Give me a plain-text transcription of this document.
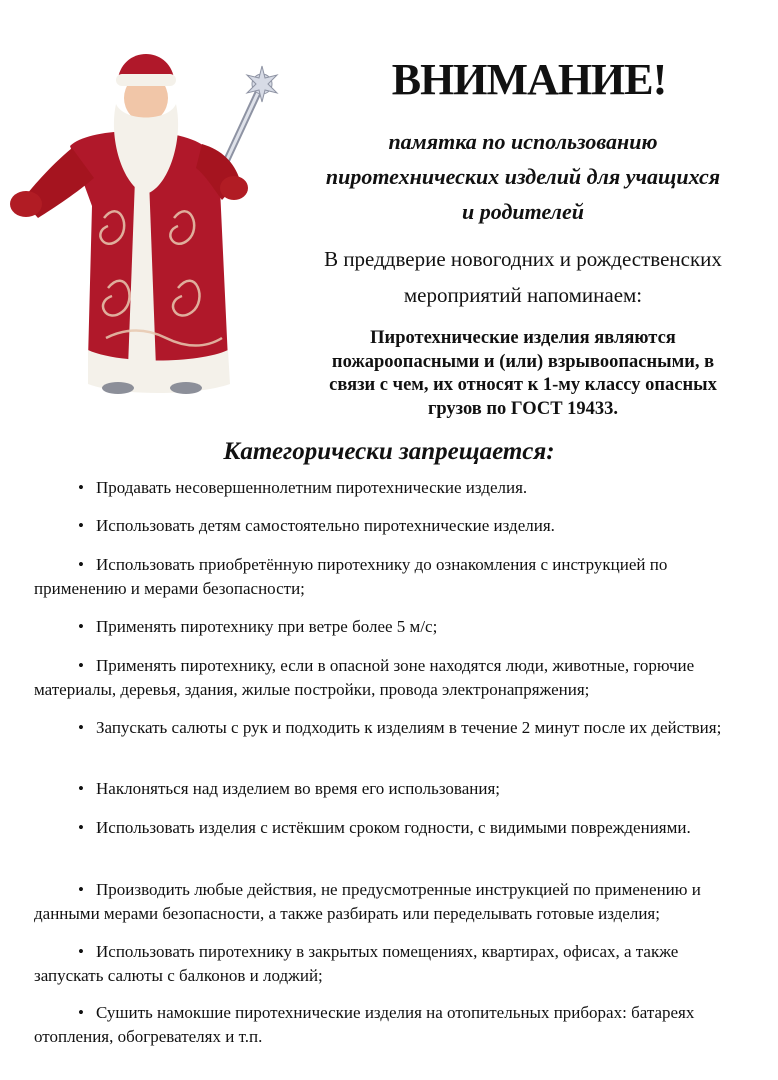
ВНИМАНИЕ!
памятка по использованию
пиротехнических изделий для учащихся
и родителей
В преддверие новогодних и рождественских
мероприятий напоминаем:
Пиротехнические изделия являются
пожароопасными и (или) взрывоопасными, в
связи с чем, их относят к 1-му классу опасных
грузов по ГОСТ 19433.
Категорически запрещается:
• Продавать несовершеннолетним пиротехнические изделия.
• Использовать детям самостоятельно пиротехнические изделия.
• Использовать приобретённую пиротехнику до ознакомления с инструкцией по применению и мерами безопасности;
• Применять пиротехнику при ветре более 5 м/с;
• Применять пиротехнику, если в опасной зоне находятся люди, животные, горючие материалы, деревья, здания, жилые постройки, провода электронапряжения;
• Запускать салюты с рук и подходить к изделиям в течение 2 минут после их действия;
• Наклоняться над изделием во время его использования;
• Использовать изделия с истёкшим сроком годности, с видимыми повреждениями.
• Производить любые действия, не предусмотренные инструкцией по применению и данными мерами безопасности, а также разбирать или переделывать готовые изделия;
• Использовать пиротехнику в закрытых помещениях, квартирах, офисах, а также запускать салюты с балконов и лоджий;
• Сушить намокшие пиротехнические изделия на отопительных приборах: батареях отопления, обогревателях и т.п.
